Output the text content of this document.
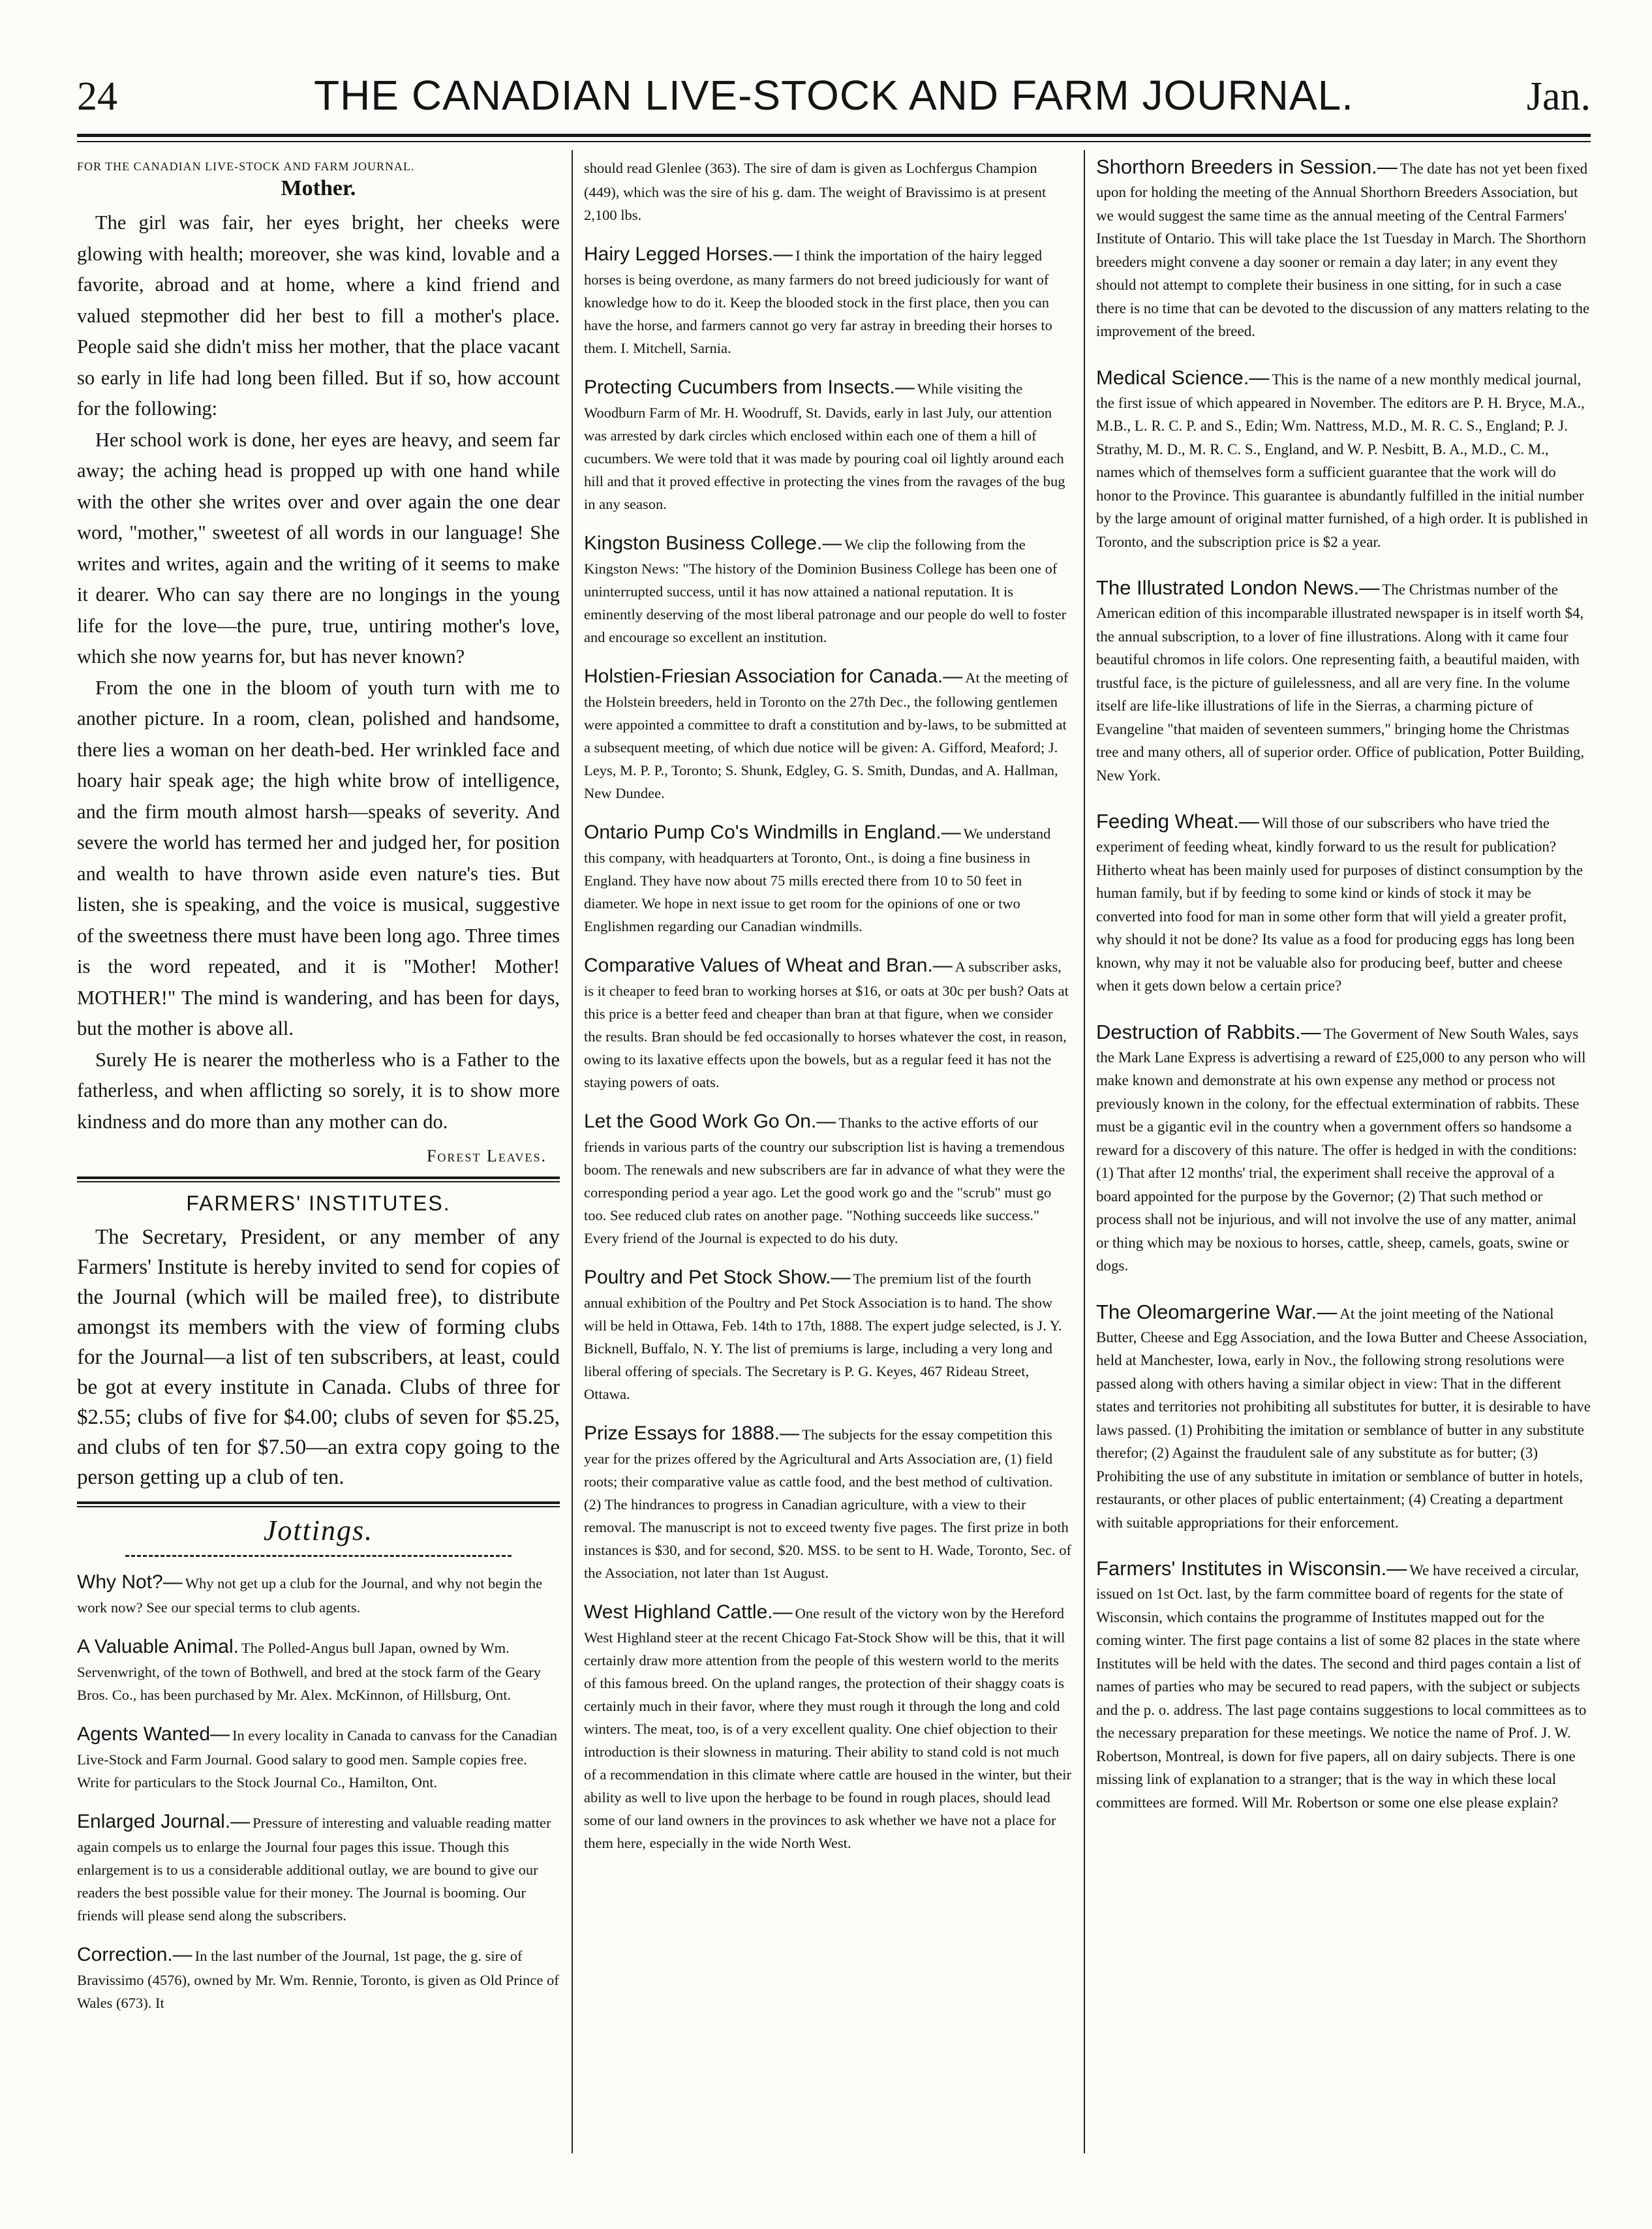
24	THE CANADIAN LIVE-STOCK AND FARM JOURNAL.	Jan.
FOR THE CANADIAN LIVE-STOCK AND FARM JOURNAL.
Mother.

The girl was fair, her eyes bright, her cheeks were glowing with health; moreover, she was kind, lovable and a favorite, abroad and at home, where a kind friend and valued stepmother did her best to fill a mother's place. People said she didn't miss her mother, that the place vacant so early in life had long been filled. But if so, how account for the following:

Her school work is done, her eyes are heavy, and seem far away; the aching head is propped up with one hand while with the other she writes over and over again the one dear word, "mother," sweetest of all words in our language! She writes and writes, again and the writing of it seems to make it dearer. Who can say there are no longings in the young life for the love—the pure, true, untiring mother's love, which she now yearns for, but has never known?

From the one in the bloom of youth turn with me to another picture. In a room, clean, polished and handsome, there lies a woman on her death-bed. Her wrinkled face and hoary hair speak age; the high white brow of intelligence, and the firm mouth almost harsh—speaks of severity. And severe the world has termed her and judged her, for position and wealth to have thrown aside even nature's ties. But listen, she is speaking, and the voice is musical, suggestive of the sweetness there must have been long ago. Three times is the word repeated, and it is "Mother! Mother! MOTHER!" The mind is wandering, and has been for days, but the mother is above all.

Surely He is nearer the motherless who is a Father to the fatherless, and when afflicting so sorely, it is to show more kindness and do more than any mother can do.

Forest Leaves.
FARMERS' INSTITUTES.
The Secretary, President, or any member of any Farmers' Institute is hereby invited to send for copies of the Journal (which will be mailed free), to distribute amongst its members with the view of forming clubs for the Journal—a list of ten subscribers, at least, could be got at every institute in Canada. Clubs of three for $2.55; clubs of five for $4.00; clubs of seven for $5.25, and clubs of ten for $7.50—an extra copy going to the person getting up a club of ten.
Jottings.
Why Not?— Why not get up a club for the Journal, and why not begin the work now? See our special terms to club agents.
A Valuable Animal. The Polled-Angus bull Japan, owned by Wm. Servenwright, of the town of Bothwell, and bred at the stock farm of the Geary Bros. Co., has been purchased by Mr. Alex. McKinnon, of Hillsburg, Ont.
Agents Wanted— In every locality in Canada to canvass for the Canadian Live-Stock and Farm Journal. Good salary to good men. Sample copies free. Write for particulars to the Stock Journal Co., Hamilton, Ont.
Enlarged Journal.— Pressure of interesting and valuable reading matter again compels us to enlarge the Journal four pages this issue. Though this enlargement is to us a considerable additional outlay, we are bound to give our readers the best possible value for their money. The Journal is booming. Our friends will please send along the subscribers.
Correction.— In the last number of the Journal, 1st page, the g. sire of Bravissimo (4576), owned by Mr. Wm. Rennie, Toronto, is given as Old Prince of Wales (673). It
should read Glenlee (363). The sire of dam is given as Lochfergus Champion (449), which was the sire of his g. dam. The weight of Bravissimo is at present 2,100 lbs.
Hairy Legged Horses.— I think the importation of the hairy legged horses is being overdone, as many farmers do not breed judiciously for want of knowledge how to do it. Keep the blooded stock in the first place, then you can have the horse, and farmers cannot go very far astray in breeding their horses to them. I. Mitchell, Sarnia.
Protecting Cucumbers from Insects.— While visiting the Woodburn Farm of Mr. H. Woodruff, St. Davids, early in last July, our attention was arrested by dark circles which enclosed within each one of them a hill of cucumbers. We were told that it was made by pouring coal oil lightly around each hill and that it proved effective in protecting the vines from the ravages of the bug in any season.
Kingston Business College.— We clip the following from the Kingston News: "The history of the Dominion Business College has been one of uninterrupted success, until it has now attained a national reputation. It is eminently deserving of the most liberal patronage and our people do well to foster and encourage so excellent an institution.
Holstien-Friesian Association for Canada.— At the meeting of the Holstein breeders, held in Toronto on the 27th Dec., the following gentlemen were appointed a committee to draft a constitution and by-laws, to be submitted at a subsequent meeting, of which due notice will be given: A. Gifford, Meaford; J. Leys, M. P. P., Toronto; S. Shunk, Edgley, G. S. Smith, Dundas, and A. Hallman, New Dundee.
Ontario Pump Co's Windmills in England.— We understand this company, with headquarters at Toronto, Ont., is doing a fine business in England. They have now about 75 mills erected there from 10 to 50 feet in diameter. We hope in next issue to get room for the opinions of one or two Englishmen regarding our Canadian windmills.
Comparative Values of Wheat and Bran.— A subscriber asks, is it cheaper to feed bran to working horses at $16, or oats at 30c per bush? Oats at this price is a better feed and cheaper than bran at that figure, when we consider the results. Bran should be fed occasionally to horses whatever the cost, in reason, owing to its laxative effects upon the bowels, but as a regular feed it has not the staying powers of oats.
Let the Good Work Go On.— Thanks to the active efforts of our friends in various parts of the country our subscription list is having a tremendous boom. The renewals and new subscribers are far in advance of what they were the corresponding period a year ago. Let the good work go and the "scrub" must go too. See reduced club rates on another page. "Nothing succeeds like success." Every friend of the Journal is expected to do his duty.
Poultry and Pet Stock Show.— The premium list of the fourth annual exhibition of the Poultry and Pet Stock Association is to hand. The show will be held in Ottawa, Feb. 14th to 17th, 1888. The expert judge selected, is J. Y. Bicknell, Buffalo, N. Y. The list of premiums is large, including a very long and liberal offering of specials. The Secretary is P. G. Keyes, 467 Rideau Street, Ottawa.
Prize Essays for 1888.— The subjects for the essay competition this year for the prizes offered by the Agricultural and Arts Association are, (1) field roots; their comparative value as cattle food, and the best method of cultivation. (2) The hindrances to progress in Canadian agriculture, with a view to their removal. The manuscript is not to exceed twenty five pages. The first prize in both instances is $30, and for second, $20. MSS. to be sent to H. Wade, Toronto, Sec. of the Association, not later than 1st August.
West Highland Cattle.— One result of the victory won by the Hereford West Highland steer at the recent Chicago Fat-Stock Show will be this, that it will certainly draw more attention from the people of this western world to the merits of this famous breed. On the upland ranges, the protection of their shaggy coats is certainly much in their favor, where they must rough it through the long and cold winters. The meat, too, is of a very excellent quality. One chief objection to their introduction is their slowness in maturing. Their ability to stand cold is not much of a recommendation in this climate where cattle are housed in the winter, but their ability as well to live upon the herbage to be found in rough places, should lead some of our land owners in the provinces to ask whether we have not a place for them here, especially in the wide North West.
Shorthorn Breeders in Session.— The date has not yet been fixed upon for holding the meeting of the Annual Shorthorn Breeders Association, but we would suggest the same time as the annual meeting of the Central Farmers' Institute of Ontario. This will take place the 1st Tuesday in March. The Shorthorn breeders might convene a day sooner or remain a day later; in any event they should not attempt to complete their business in one sitting, for in such a case there is no time that can be devoted to the discussion of any matters relating to the improvement of the breed.
Medical Science.— This is the name of a new monthly medical journal, the first issue of which appeared in November. The editors are P. H. Bryce, M.A., M.B., L. R. C. P. and S., Edin; Wm. Nattress, M.D., M. R. C. S., England; P. J. Strathy, M. D., M. R. C. S., England, and W. P. Nesbitt, B. A., M.D., C. M., names which of themselves form a sufficient guarantee that the work will do honor to the Province. This guarantee is abundantly fulfilled in the initial number by the large amount of original matter furnished, of a high order. It is published in Toronto, and the subscription price is $2 a year.
The Illustrated London News.— The Christmas number of the American edition of this incomparable illustrated newspaper is in itself worth $4, the annual subscription, to a lover of fine illustrations. Along with it came four beautiful chromos in life colors. One representing faith, a beautiful maiden, with trustful face, is the picture of guilelessness, and all are very fine. In the volume itself are life-like illustrations of life in the Sierras, a charming picture of Evangeline "that maiden of seventeen summers," bringing home the Christmas tree and many others, all of superior order. Office of publication, Potter Building, New York.
Feeding Wheat.— Will those of our subscribers who have tried the experiment of feeding wheat, kindly forward to us the result for publication? Hitherto wheat has been mainly used for purposes of distinct consumption by the human family, but if by feeding to some kind or kinds of stock it may be converted into food for man in some other form that will yield a greater profit, why should it not be done? Its value as a food for producing eggs has long been known, why may it not be valuable also for producing beef, butter and cheese when it gets down below a certain price?
Destruction of Rabbits.— The Goverment of New South Wales, says the Mark Lane Express is advertising a reward of £25,000 to any person who will make known and demonstrate at his own expense any method or process not previously known in the colony, for the effectual extermination of rabbits. These must be a gigantic evil in the country when a government offers so handsome a reward for a discovery of this nature. The offer is hedged in with the conditions: (1) That after 12 months' trial, the experiment shall receive the approval of a board appointed for the purpose by the Governor; (2) That such method or process shall not be injurious, and will not involve the use of any matter, animal or thing which may be noxious to horses, cattle, sheep, camels, goats, swine or dogs.
The Oleomargerine War.— At the joint meeting of the National Butter, Cheese and Egg Association, and the Iowa Butter and Cheese Association, held at Manchester, Iowa, early in Nov., the following strong resolutions were passed along with others having a similar object in view: That in the different states and territories not prohibiting all substitutes for butter, it is desirable to have laws passed. (1) Prohibiting the imitation or semblance of butter in any substitute therefor; (2) Against the fraudulent sale of any substitute as for butter; (3) Prohibiting the use of any substitute in imitation or semblance of butter in hotels, restaurants, or other places of public entertainment; (4) Creating a department with suitable appropriations for their enforcement.
Farmers' Institutes in Wisconsin.— We have received a circular, issued on 1st Oct. last, by the farm committee board of regents for the state of Wisconsin, which contains the programme of Institutes mapped out for the coming winter. The first page contains a list of some 82 places in the state where Institutes will be held with the dates. The second and third pages contain a list of names of parties who may be secured to read papers, with the subject or subjects and the p. o. address. The last page contains suggestions to local committees as to the necessary preparation for these meetings. We notice the name of Prof. J. W. Robertson, Montreal, is down for five papers, all on dairy subjects. There is one missing link of explanation to a stranger; that is the way in which these local committees are formed. Will Mr. Robertson or some one else please explain?
